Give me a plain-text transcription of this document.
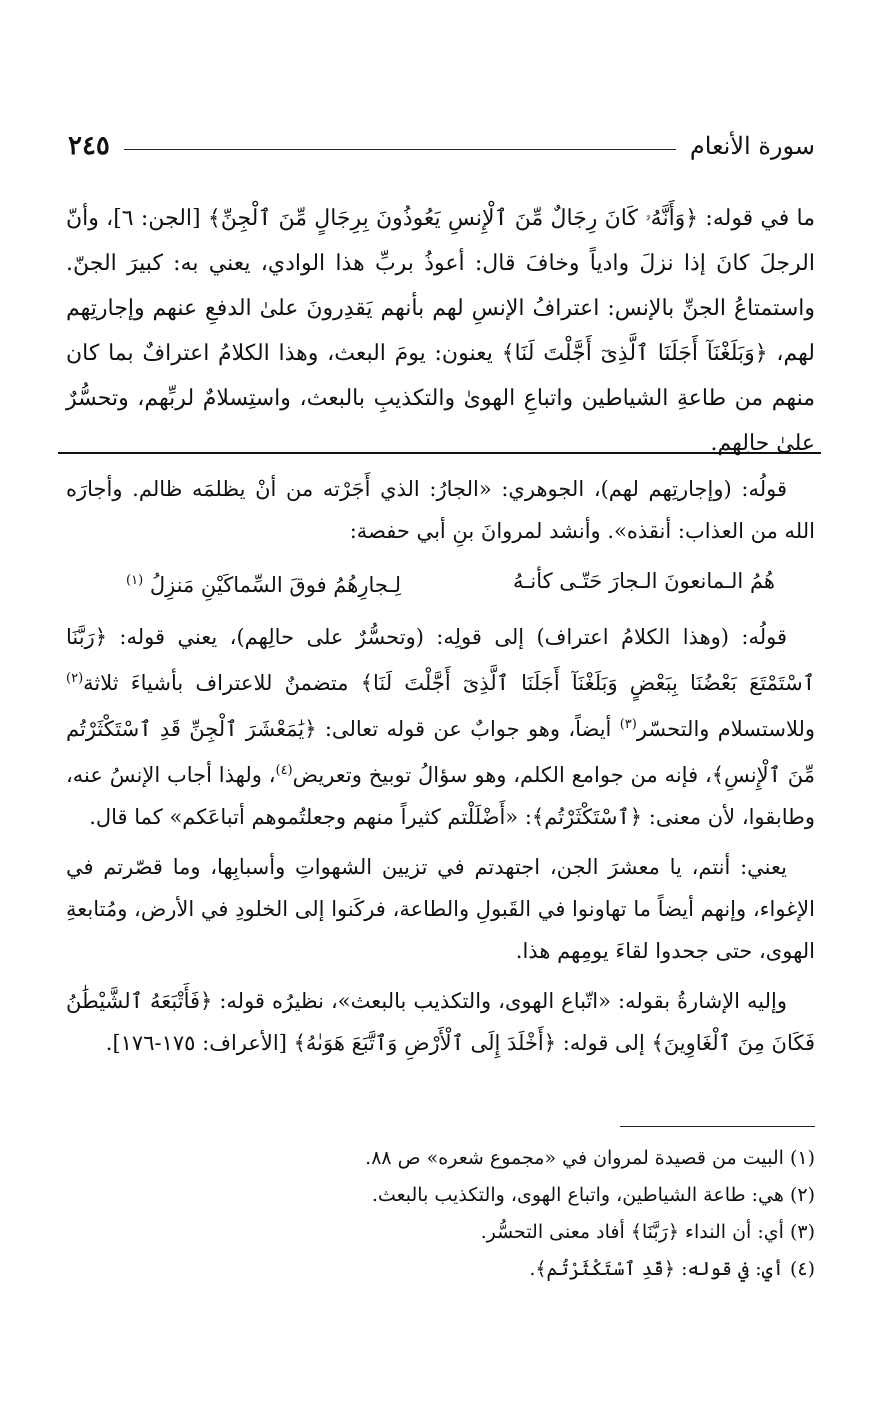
سورة الأنعام
٢٤٥

ما في قوله: ﴿وَأَنَّهُۥ كَانَ رِجَالٌ مِّنَ ٱلْإِنسِ يَعُوذُونَ بِرِجَالٍ مِّنَ ٱلْجِنِّ﴾ [الجن: ٦]، وأنّ الرجلَ كانَ إذا نزلَ وادياً وخافَ قال: أعوذُ بربِّ هذا الوادي، يعني به: كبيرَ الجنّ. واستمتاعُ الجنِّ بالإنس: اعترافُ الإنسِ لهم بأنهم يَقدِرونَ علىٰ الدفعِ عنهم وإجارتِهم لهم، ﴿وَبَلَغْنَآ أَجَلَنَا ٱلَّذِىٓ أَجَّلْتَ لَنَا﴾ يعنون: يومَ البعث، وهذا الكلامُ اعترافٌ بما كان منهم من طاعةِ الشياطين واتباعِ الهوىٰ والتكذيبِ بالبعث، واستِسلامٌ لربِّهم، وتحسُّرٌ علىٰ حالِهم.

قولُه: (وإجارتِهم لهم)، الجوهري: «الجارُ: الذي أَجَرْته من أنْ يظلمَه ظالم. وأجارَه الله من العذاب: أنقذه». وأنشد لمروانَ بنِ أبي حفصة:

هُمُ الـمانعونَ الـجارَ حَتّـى كأنـهُ
لِـجارِهُمُ فوقَ السِّماكَيْنِ مَنزِلُ $^{(١)}$

قولُه: (وهذا الكلامُ اعتراف) إلى قولِه: (وتحسُّرٌ على حالِهم)، يعني قوله: ﴿رَبَّنَا ٱسْتَمْتَعَ بَعْضُنَا بِبَعْضٍ وَبَلَغْنَآ أَجَلَنَا ٱلَّذِىٓ أَجَّلْتَ لَنَا﴾ متضمنٌ للاعتراف بأشياءَ ثلاثة$^{(٢)}$ وللاستسلام والتحسّر$^{(٣)}$ أيضاً، وهو جوابٌ عن قوله تعالى: ﴿يَٰمَعْشَرَ ٱلْجِنِّ قَدِ ٱسْتَكْثَرْتُم مِّنَ ٱلْإِنسِ﴾، فإنه من جوامع الكلم، وهو سؤالُ توبيخ وتعريض$^{(٤)}$، ولهذا أجاب الإنسُ عنه، وطابقوا، لأن معنى: ﴿ٱسْتَكْثَرْتُم﴾: «أَضْلَلْتم كثيراً منهم وجعلتُموهم أتباعَكم» كما قال.

يعني: أنتم، يا معشرَ الجن، اجتهدتم في تزيين الشهواتِ وأسبابِها، وما قصّرتم في الإغواء، وإنهم أيضاً ما تهاونوا في القَبولِ والطاعة، فركَنوا إلى الخلودِ في الأرض، ومُتابعةِ الهوى، حتى جحدوا لقاءَ يومِهم هذا.

وإليه الإشارةُ بقوله: «اتّباع الهوى، والتكذيب بالبعث»، نظيرُه قوله: ﴿فَأَتْبَعَهُ ٱلشَّيْطَٰنُ فَكَانَ مِنَ ٱلْغَاوِينَ﴾ إلى قوله: ﴿أَخْلَدَ إِلَى ٱلْأَرْضِ وَٱتَّبَعَ هَوَىٰهُ﴾ [الأعراف: ١٧٥-١٧٦].

(١) البيت من قصيدة لمروان في «مجموع شعره» ص ٨٨.
(٢) هي: طاعة الشياطين، واتباع الهوى، والتكذيب بالبعث.
(٣) أي: أن النداء ﴿رَبَّنَا﴾ أفاد معنى التحسُّر.
(٤) أي: في قوله: ﴿قَدِ ٱسْتَكْثَرْتُم﴾.
